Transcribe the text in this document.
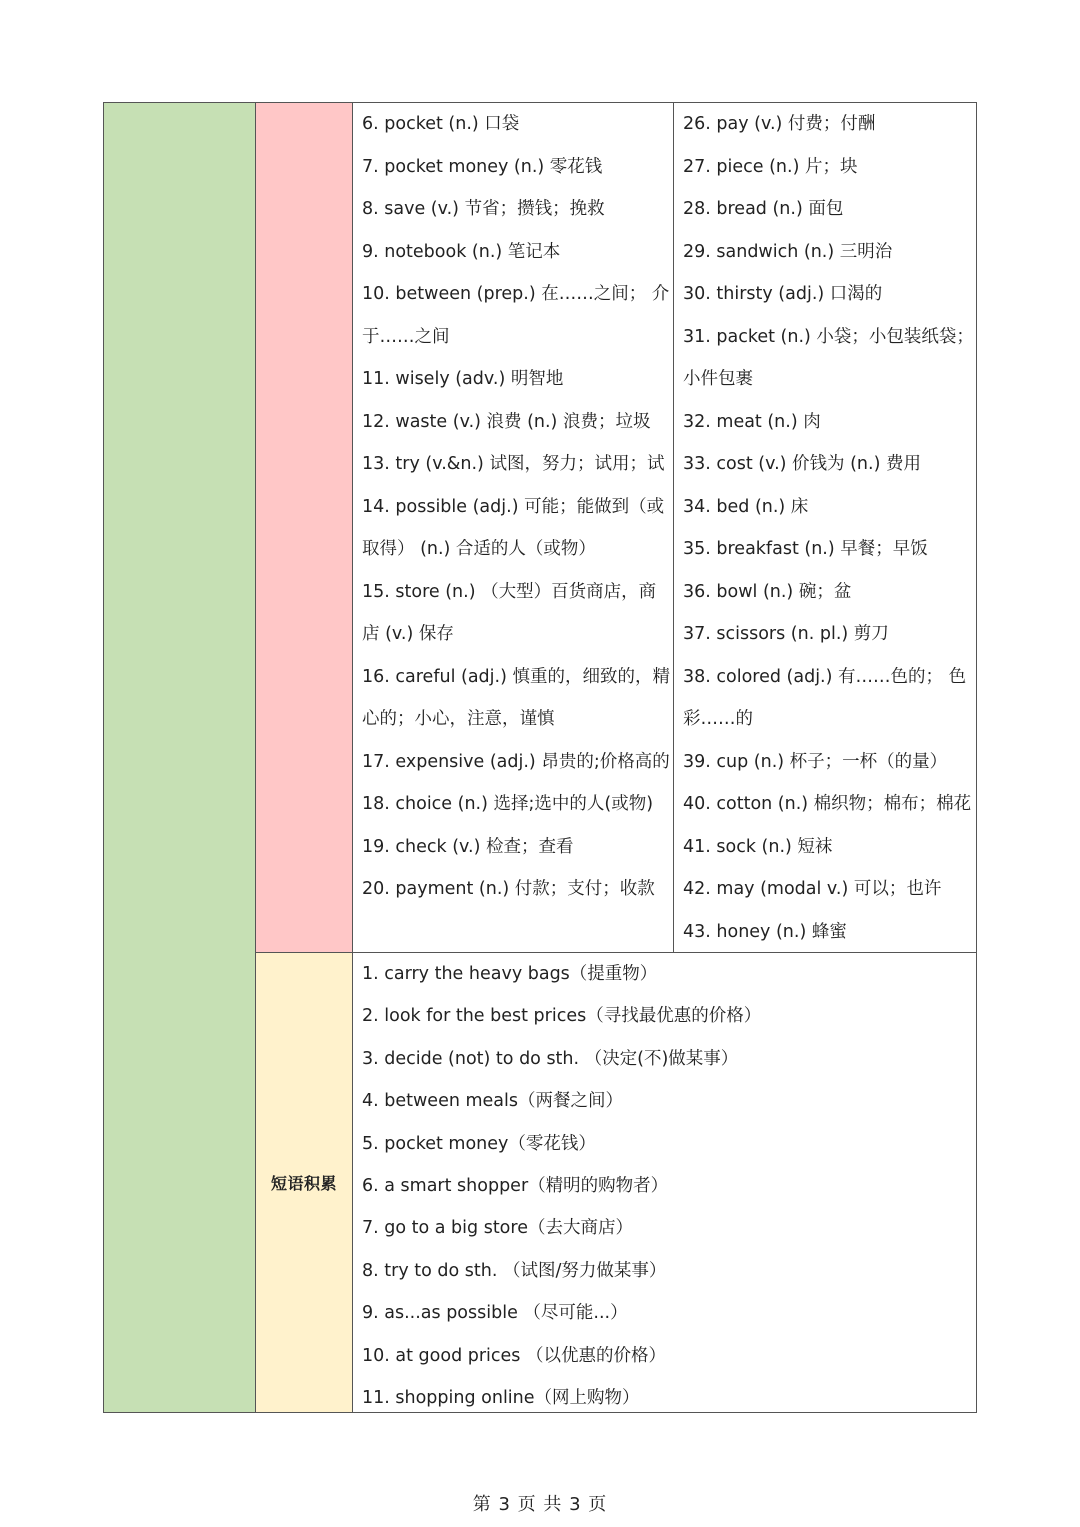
短语积累
6. pocket (n.) 口袋
7. pocket money (n.) 零花钱
8. save (v.) 节省；攒钱；挽救
9. notebook (n.) 笔记本
10. between (prep.) 在……之间； 介
于……之间
11. wisely (adv.) 明智地
12. waste (v.) 浪费 (n.) 浪费；垃圾
13. try (v.&n.) 试图，努力；试用；试
14. possible (adj.) 可能；能做到（或
取得） (n.) 合适的人（或物）
15. store (n.) （大型）百货商店，商
店 (v.) 保存
16. careful (adj.) 慎重的，细致的，精
心的；小心，注意，谨慎
17. expensive (adj.) 昂贵的;价格高的
18. choice (n.) 选择;选中的人(或物)
19. check (v.) 检查；查看
20. payment (n.) 付款；支付；收款
26. pay (v.) 付费；付酬
27. piece (n.) 片；块
28. bread (n.) 面包
29. sandwich (n.) 三明治
30. thirsty (adj.) 口渴的
31. packet (n.) 小袋；小包装纸袋；
小件包裹
32. meat (n.) 肉
33. cost (v.) 价钱为 (n.) 费用
34. bed (n.) 床
35. breakfast (n.) 早餐；早饭
36. bowl (n.) 碗；盆
37. scissors (n. pl.) 剪刀
38. colored (adj.) 有……色的； 色
彩……的
39. cup (n.) 杯子；一杯（的量）
40. cotton (n.) 棉织物；棉布；棉花
41. sock (n.) 短袜
42. may (modal v.) 可以；也许
43. honey (n.) 蜂蜜
1. carry the heavy bags（提重物）
2. look for the best prices（寻找最优惠的价格）
3. decide (not) to do sth. （决定(不)做某事）
4. between meals（两餐之间）
5. pocket money（零花钱）
6. a smart shopper（精明的购物者）
7. go to a big store（去大商店）
8. try to do sth. （试图/努力做某事）
9. as...as possible （尽可能...）
10. at good prices （以优惠的价格）
11. shopping online（网上购物）
第 3 页 共 3 页
